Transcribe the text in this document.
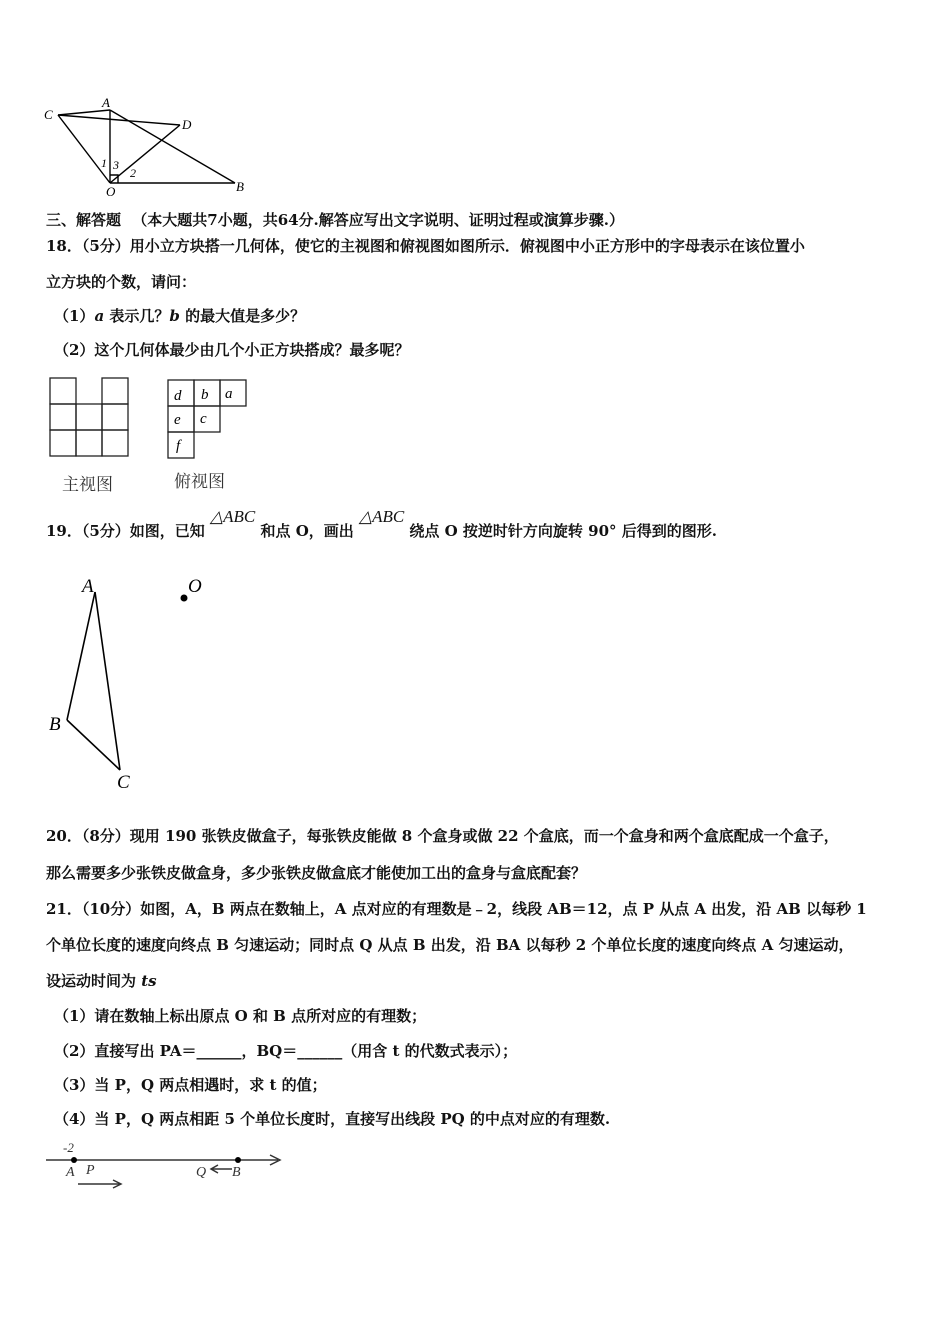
C
A
D
O	B
1 3
2
三、解答题 （本大题共7小题，共64分.解答应写出文字说明、证明过程或演算步骤.）
18．（5分）用小立方块搭一几何体，使它的主视图和俯视图如图所示．俯视图中小正方形中的字母表示在该位置小
立方块的个数，请问：
（1）a 表示几？b 的最大值是多少？
（2）这个几何体最少由几个小正方块搭成？最多呢？
主视图
d b a
e c
f
俯视图
19．（5分）如图，已知 △ABC 和点 O，画出 △ABC 绕点 O 按逆时针方向旋转 90° 后得到的图形.
A	O
B
C
20．（8分）现用 190 张铁皮做盒子，每张铁皮能做 8 个盒身或做 22 个盒底，而一个盒身和两个盒底配成一个盒子，
那么需要多少张铁皮做盒身，多少张铁皮做盒底才能使加工出的盒身与盒底配套？
21．（10分）如图，A，B 两点在数轴上，A 点对应的有理数是﹣2，线段 AB＝12，点 P 从点 A 出发，沿 AB 以每秒 1
个单位长度的速度向终点 B 匀速运动；同时点 Q 从点 B 出发，沿 BA 以每秒 2 个单位长度的速度向终点 A 匀速运动，
设运动时间为 ts
（1）请在数轴上标出原点 O 和 B 点所对应的有理数；
（2）直接写出 PA＝______，BQ＝______（用含 t 的代数式表示）；
（3）当 P，Q 两点相遇时，求 t 的值；
（4）当 P，Q 两点相距 5 个单位长度时，直接写出线段 PQ 的中点对应的有理数.
-2
A P	Q B
